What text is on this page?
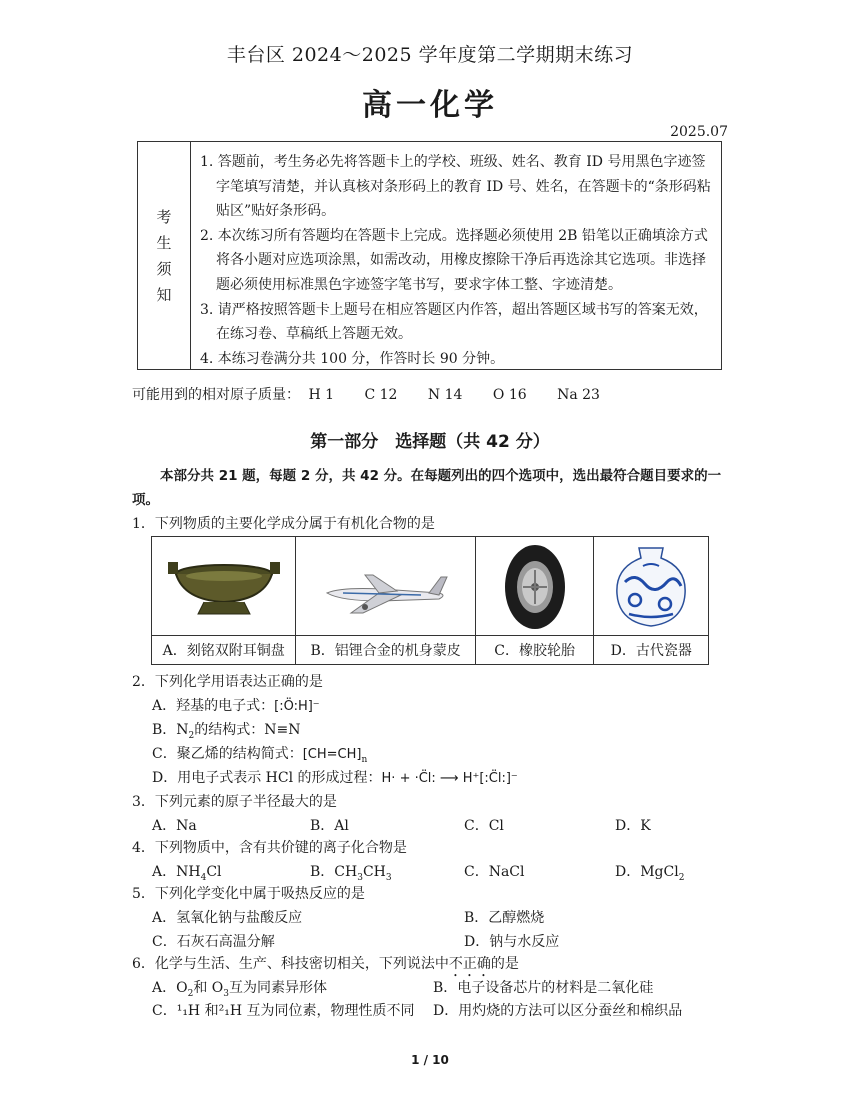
丰台区 2024～2025 学年度第二学期期末练习
高一化学
2025.07
考
生
须
知
1. 答题前，考生务必先将答题卡上的学校、班级、姓名、教育 ID 号用黑色字迹签字笔填写清楚，并认真核对条形码上的教育 ID 号、姓名，在答题卡的“条形码粘贴区”贴好条形码。
2. 本次练习所有答题均在答题卡上完成。选择题必须使用 2B 铅笔以正确填涂方式将各小题对应选项涂黑，如需改动，用橡皮擦除干净后再选涂其它选项。非选择题必须使用标准黑色字迹签字笔书写，要求字体工整、字迹清楚。
3. 请严格按照答题卡上题号在相应答题区内作答，超出答题区域书写的答案无效，在练习卷、草稿纸上答题无效。
4. 本练习卷满分共 100 分，作答时长 90 分钟。
可能用到的相对原子质量： H 1 C 12 N 14 O 16 Na 23
第一部分　选择题（共 42 分）
本部分共 21 题，每题 2 分，共 42 分。在每题列出的四个选项中，选出最符合题目要求的一项。
1．下列物质的主要化学成分属于有机化合物的是
A．刻铭双附耳铜盘	B．铝锂合金的机身蒙皮	C．橡胶轮胎	D．古代瓷器
2．下列化学用语表达正确的是
A．羟基的电子式：[:Ö:H]⁻
B．$N_2$的结构式：N≡N
C．聚乙烯的结构简式：$[CH=CH]_n$
D．用电子式表示 HCl 的形成过程：H· + ·C̈l: ⟶ H⁺[:C̈l:]⁻
3．下列元素的原子半径最大的是
A．Na	B．Al	C．Cl	D．K
4．下列物质中，含有共价键的离子化合物是
A．$NH_4Cl$	B．$CH_3CH_3$	C．NaCl	D．MgCl$_2$
5．下列化学变化中属于吸热反应的是
A．氢氧化钠与盐酸反应	B．乙醇燃烧
C．石灰石高温分解	D．钠与水反应
6．化学与生活、生产、科技密切相关，下列说法中不正确的是
A．$O_2$和 $O_3$互为同素异形体	B．电子设备芯片的材料是二氧化硅
C．¹₁H 和²₁H 互为同位素，物理性质不同 D．用灼烧的方法可以区分蚕丝和棉织品
1 / 10
